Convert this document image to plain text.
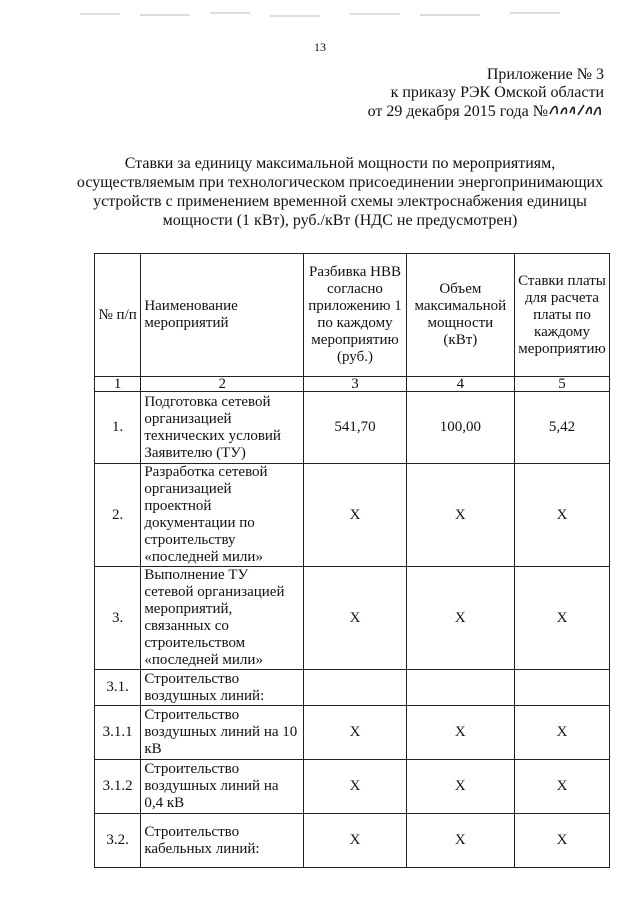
13
Приложение № 3
к приказу РЭК Омской области
от 29 декабря 2015 года №
Ставки за единицу максимальной мощности по мероприятиям,
осуществляемым при технологическом присоединении энергопринимающих
устройств с применением временной схемы электроснабжения единицы
мощности (1 кВт), руб./кВт (НДС не предусмотрен)
№ п/п	Наименование мероприятий	Разбивка НВВ согласно приложению 1 по каждому мероприятию (руб.)	Объем максимальной мощности (кВт)	Ставки платы для расчета платы по каждому мероприятию
1	2	3	4	5
1.	Подготовка сетевой организацией технических условий Заявителю (ТУ)	541,70	100,00	5,42
2.	Разработка сетевой организацией проектной документации по строительству «последней мили»	X	X	X
3.	Выполнение ТУ сетевой организацией мероприятий, связанных со строительством «последней мили»	X	X	X
3.1.	Строительство воздушных линий:			
3.1.1	Строительство воздушных линий на 10 кВ	X	X	X
3.1.2	Строительство воздушных линий на 0,4 кВ	X	X	X
3.2.	Строительство кабельных линий:	X	X	X
